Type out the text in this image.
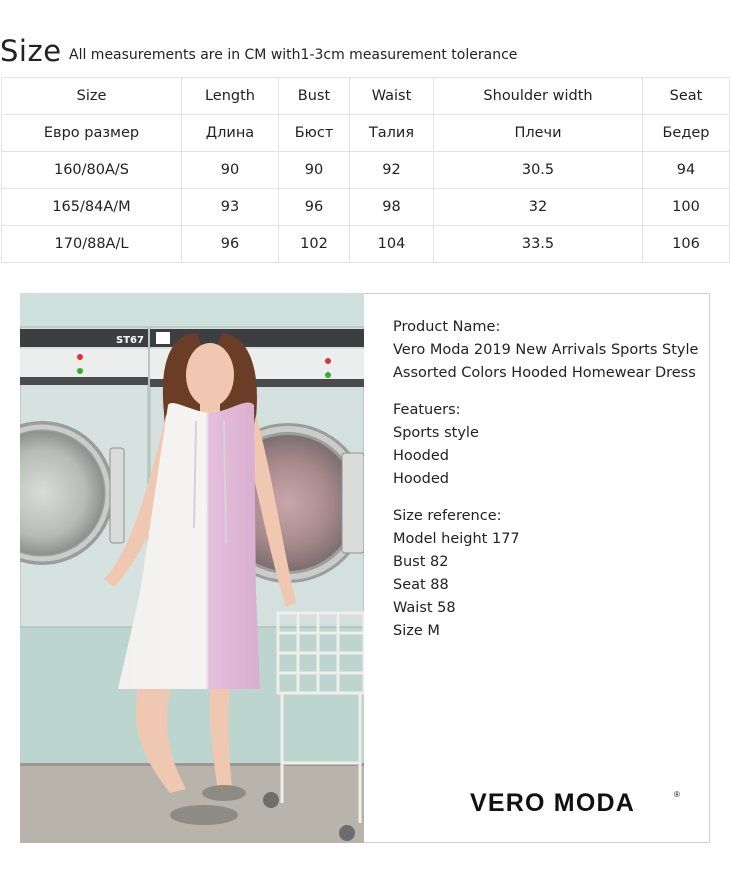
Size All measurements are in CM with1-3cm measurement tolerance
Size	Length	Bust	Waist	Shoulder width	Seat
Евро размер	Длина	Бюст	Талия	Плечи	Бедер
160/80A/S	90	90	92	30.5	94
165/84A/M	93	96	98	32	100
170/88A/L	96	102	104	33.5	106
ST67
Product Name:
Vero Moda 2019 New Arrivals Sports Style
Assorted Colors Hooded Homewear Dress
Featuers:
Sports style
Hooded
Hooded
Size reference:
Model height 177
Bust 82
Seat 88
Waist 58
Size M
VERO MODA	®
